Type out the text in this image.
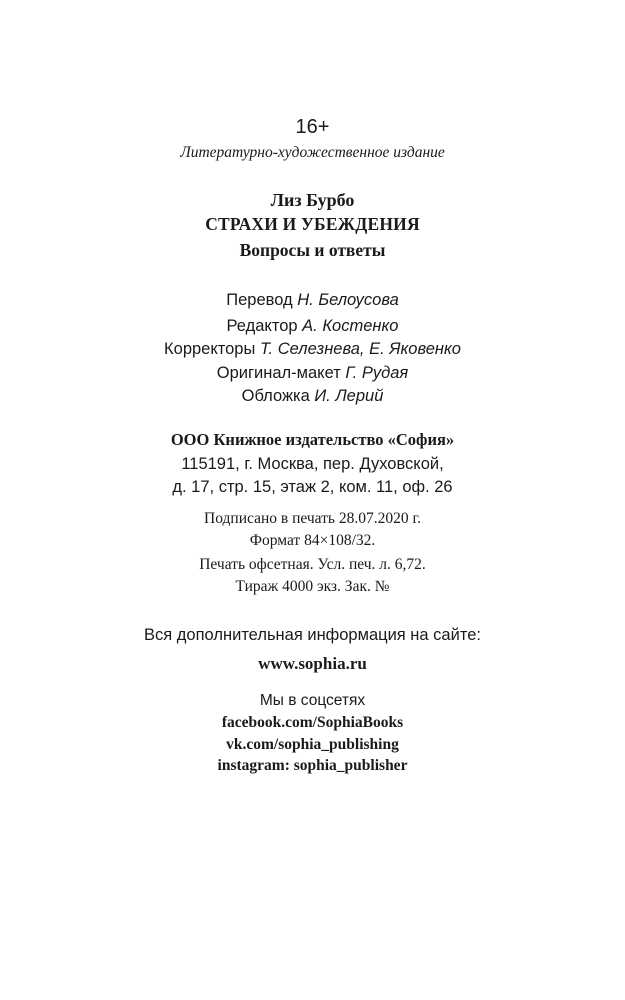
16+
Литературно-художественное издание
Лиз Бурбо
СТРАХИ И УБЕЖДЕНИЯ
Вопросы и ответы
Перевод Н. Белоусова
Редактор А. Костенко
Корректоры Т. Селезнева, Е. Яковенко
Оригинал-макет Г. Рудая
Обложка И. Лерий
ООО Книжное издательство «София»
115191, г. Москва, пер. Духовской,
д. 17, стр. 15, этаж 2, ком. 11, оф. 26
Подписано в печать 28.07.2020 г.
Формат 84×108/32.
Печать офсетная. Усл. печ. л. 6,72.
Тираж 4000 экз. Зак. №
Вся дополнительная информация на сайте:
www.sophia.ru
Мы в соцсетях
facebook.com/SophiaBooks
vk.com/sophia_publishing
instagram: sophia_publisher
